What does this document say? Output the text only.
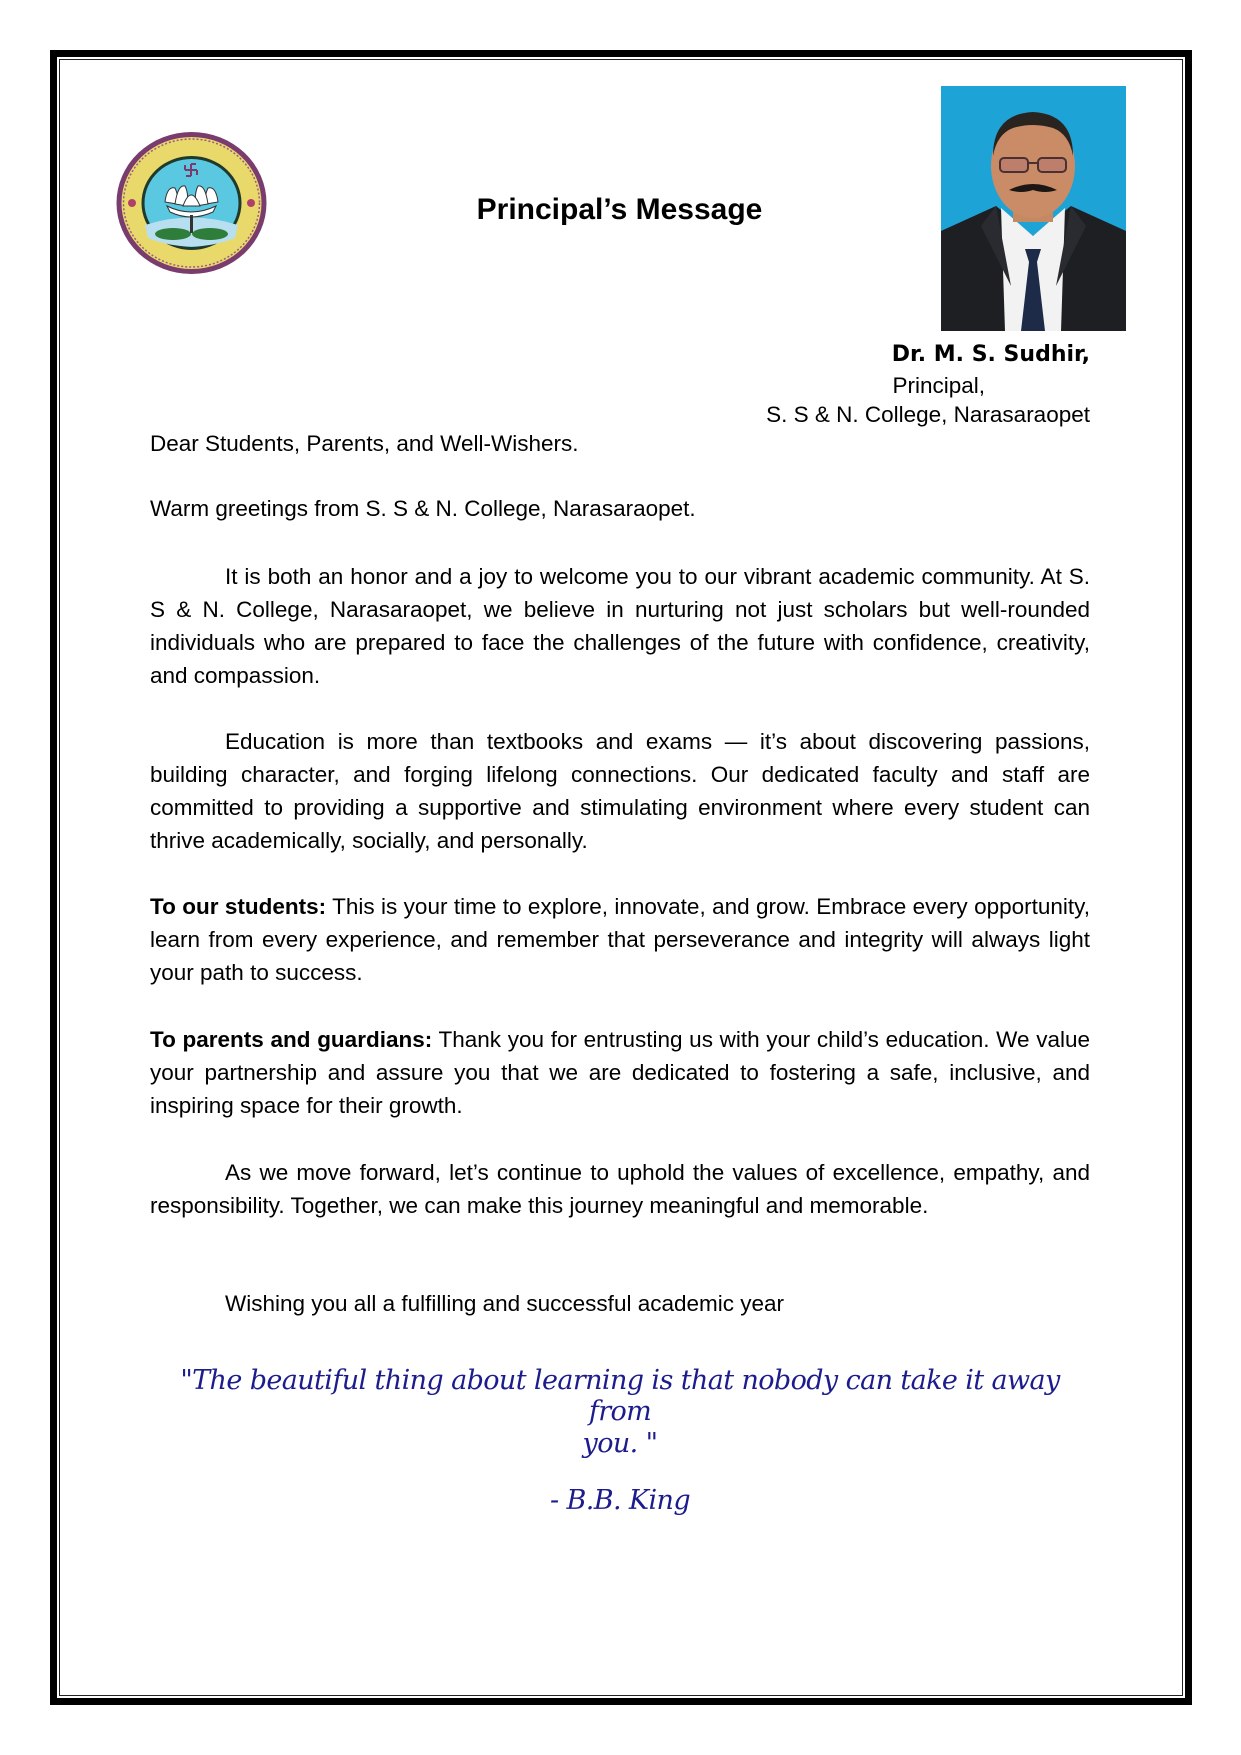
Principal’s Message
Dr. M. S. Sudhir,
Principal,
S. S & N. College, Narasaraopet
Dear Students, Parents, and Well-Wishers.
Warm greetings from S. S & N. College, Narasaraopet.
It is both an honor and a joy to welcome you to our vibrant academic community. At S. S & N. College, Narasaraopet, we believe in nurturing not just scholars but well-rounded individuals who are prepared to face the challenges of the future with confidence, creativity, and compassion.
Education is more than textbooks and exams — it’s about discovering passions, building character, and forging lifelong connections. Our dedicated faculty and staff are committed to providing a supportive and stimulating environment where every student can thrive academically, socially, and personally.
To our students: This is your time to explore, innovate, and grow. Embrace every opportunity, learn from every experience, and remember that perseverance and integrity will always light your path to success.
To parents and guardians: Thank you for entrusting us with your child’s education. We value your partnership and assure you that we are dedicated to fostering a safe, inclusive, and inspiring space for their growth.
As we move forward, let’s continue to uphold the values of excellence, empathy, and responsibility. Together, we can make this journey meaningful and memorable.
Wishing you all a fulfilling and successful academic year
"The beautiful thing about learning is that nobody can take it away from
you. "
- B.B. King
